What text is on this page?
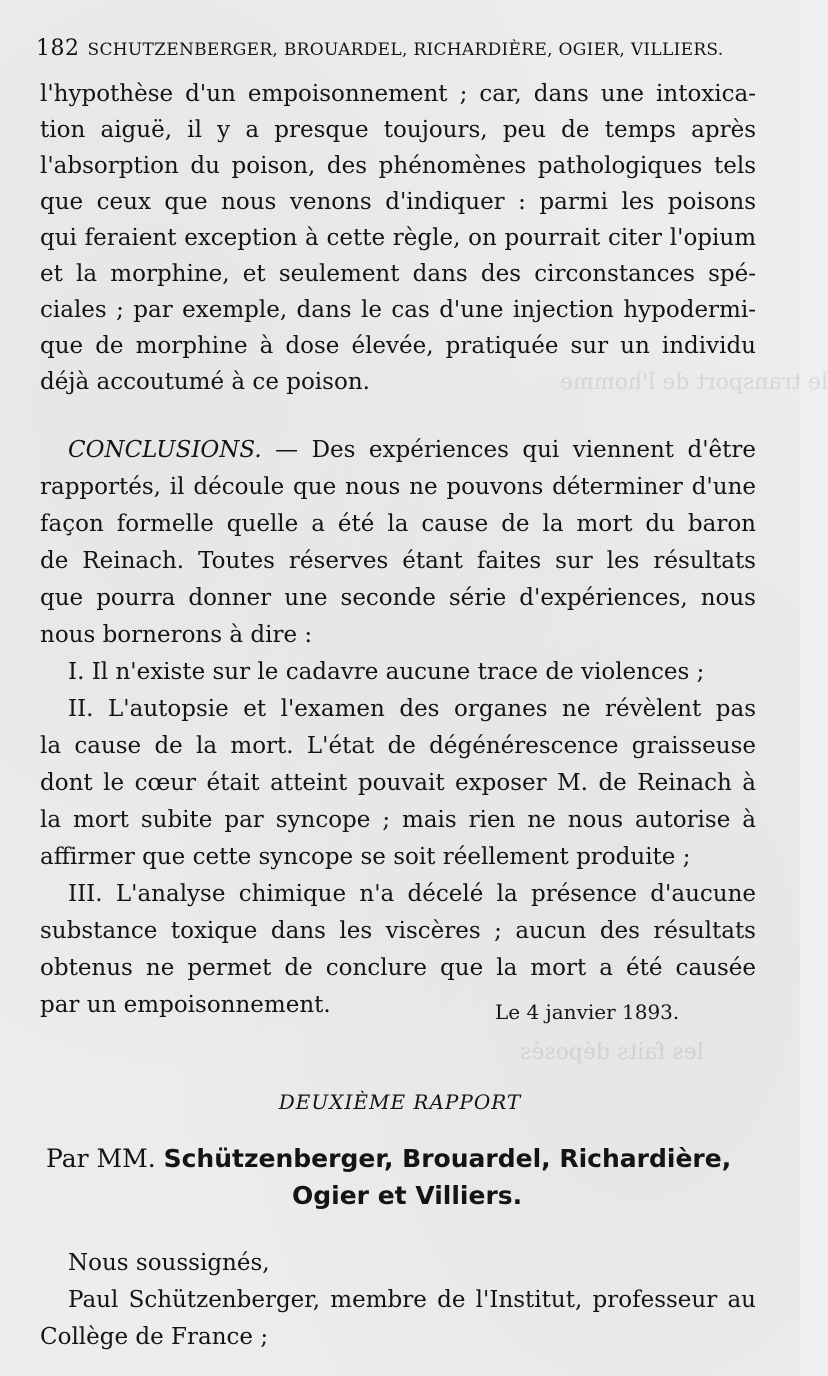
le transport de l'homme
les faits déposés
182 SCHUTZENBERGER, BROUARDEL, RICHARDIÈRE, OGIER, VILLIERS.
l'hypothèse d'un empoisonnement ; car, dans une intoxica-
tion aiguë, il y a presque toujours, peu de temps après
l'absorption du poison, des phénomènes pathologiques tels
que ceux que nous venons d'indiquer : parmi les poisons
qui feraient exception à cette règle, on pourrait citer l'opium
et la morphine, et seulement dans des circonstances spé-
ciales ; par exemple, dans le cas d'une injection hypodermi-
que de morphine à dose élevée, pratiquée sur un individu
déjà accoutumé à ce poison.
CONCLUSIONS. — Des expériences qui viennent d'être
rapportés, il découle que nous ne pouvons déterminer d'une
façon formelle quelle a été la cause de la mort du baron
de Reinach. Toutes réserves étant faites sur les résultats
que pourra donner une seconde série d'expériences, nous
nous bornerons à dire :
I. Il n'existe sur le cadavre aucune trace de violences ;
II. L'autopsie et l'examen des organes ne révèlent pas
la cause de la mort. L'état de dégénérescence graisseuse
dont le cœur était atteint pouvait exposer M. de Reinach à
la mort subite par syncope ; mais rien ne nous autorise à
affirmer que cette syncope se soit réellement produite ;
III. L'analyse chimique n'a décelé la présence d'aucune
substance toxique dans les viscères ; aucun des résultats
obtenus ne permet de conclure que la mort a été causée
par un empoisonnement.	Le 4 janvier 1893.
DEUXIÈME RAPPORT
Par MM. Schützenberger, Brouardel, Richardière,
Ogier et Villiers.
Nous soussignés,
Paul Schützenberger, membre de l'Institut, professeur au
Collège de France ;
